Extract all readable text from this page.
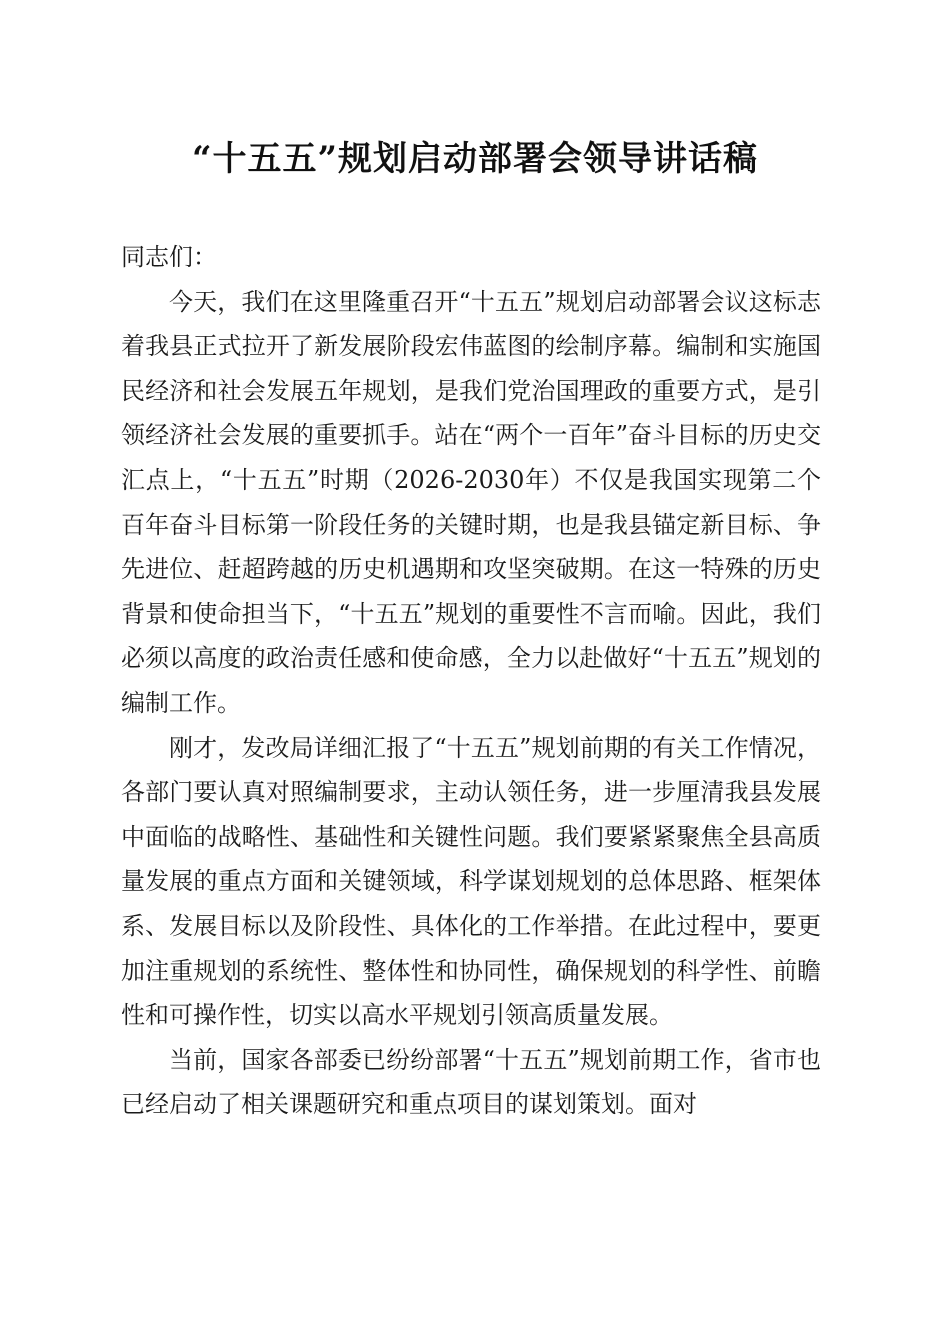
“十五五”规划启动部署会领导讲话稿

同志们：

今天，我们在这里隆重召开“十五五”规划启动部署会议这标志着我县正式拉开了新发展阶段宏伟蓝图的绘制序幕。编制和实施国民经济和社会发展五年规划，是我们党治国理政的重要方式，是引领经济社会发展的重要抓手。站在“两个一百年”奋斗目标的历史交汇点上，“十五五”时期（2026-2030年）不仅是我国实现第二个百年奋斗目标第一阶段任务的关键时期，也是我县锚定新目标、争先进位、赶超跨越的历史机遇期和攻坚突破期。在这一特殊的历史背景和使命担当下，“十五五”规划的重要性不言而喻。因此，我们必须以高度的政治责任感和使命感，全力以赴做好“十五五”规划的编制工作。

刚才，发改局详细汇报了“十五五”规划前期的有关工作情况，各部门要认真对照编制要求，主动认领任务，进一步厘清我县发展中面临的战略性、基础性和关键性问题。我们要紧紧聚焦全县高质量发展的重点方面和关键领域，科学谋划规划的总体思路、框架体系、发展目标以及阶段性、具体化的工作举措。在此过程中，要更加注重规划的系统性、整体性和协同性，确保规划的科学性、前瞻性和可操作性，切实以高水平规划引领高质量发展。

当前，国家各部委已纷纷部署“十五五”规划前期工作，省市也已经启动了相关课题研究和重点项目的谋划策划。面对
